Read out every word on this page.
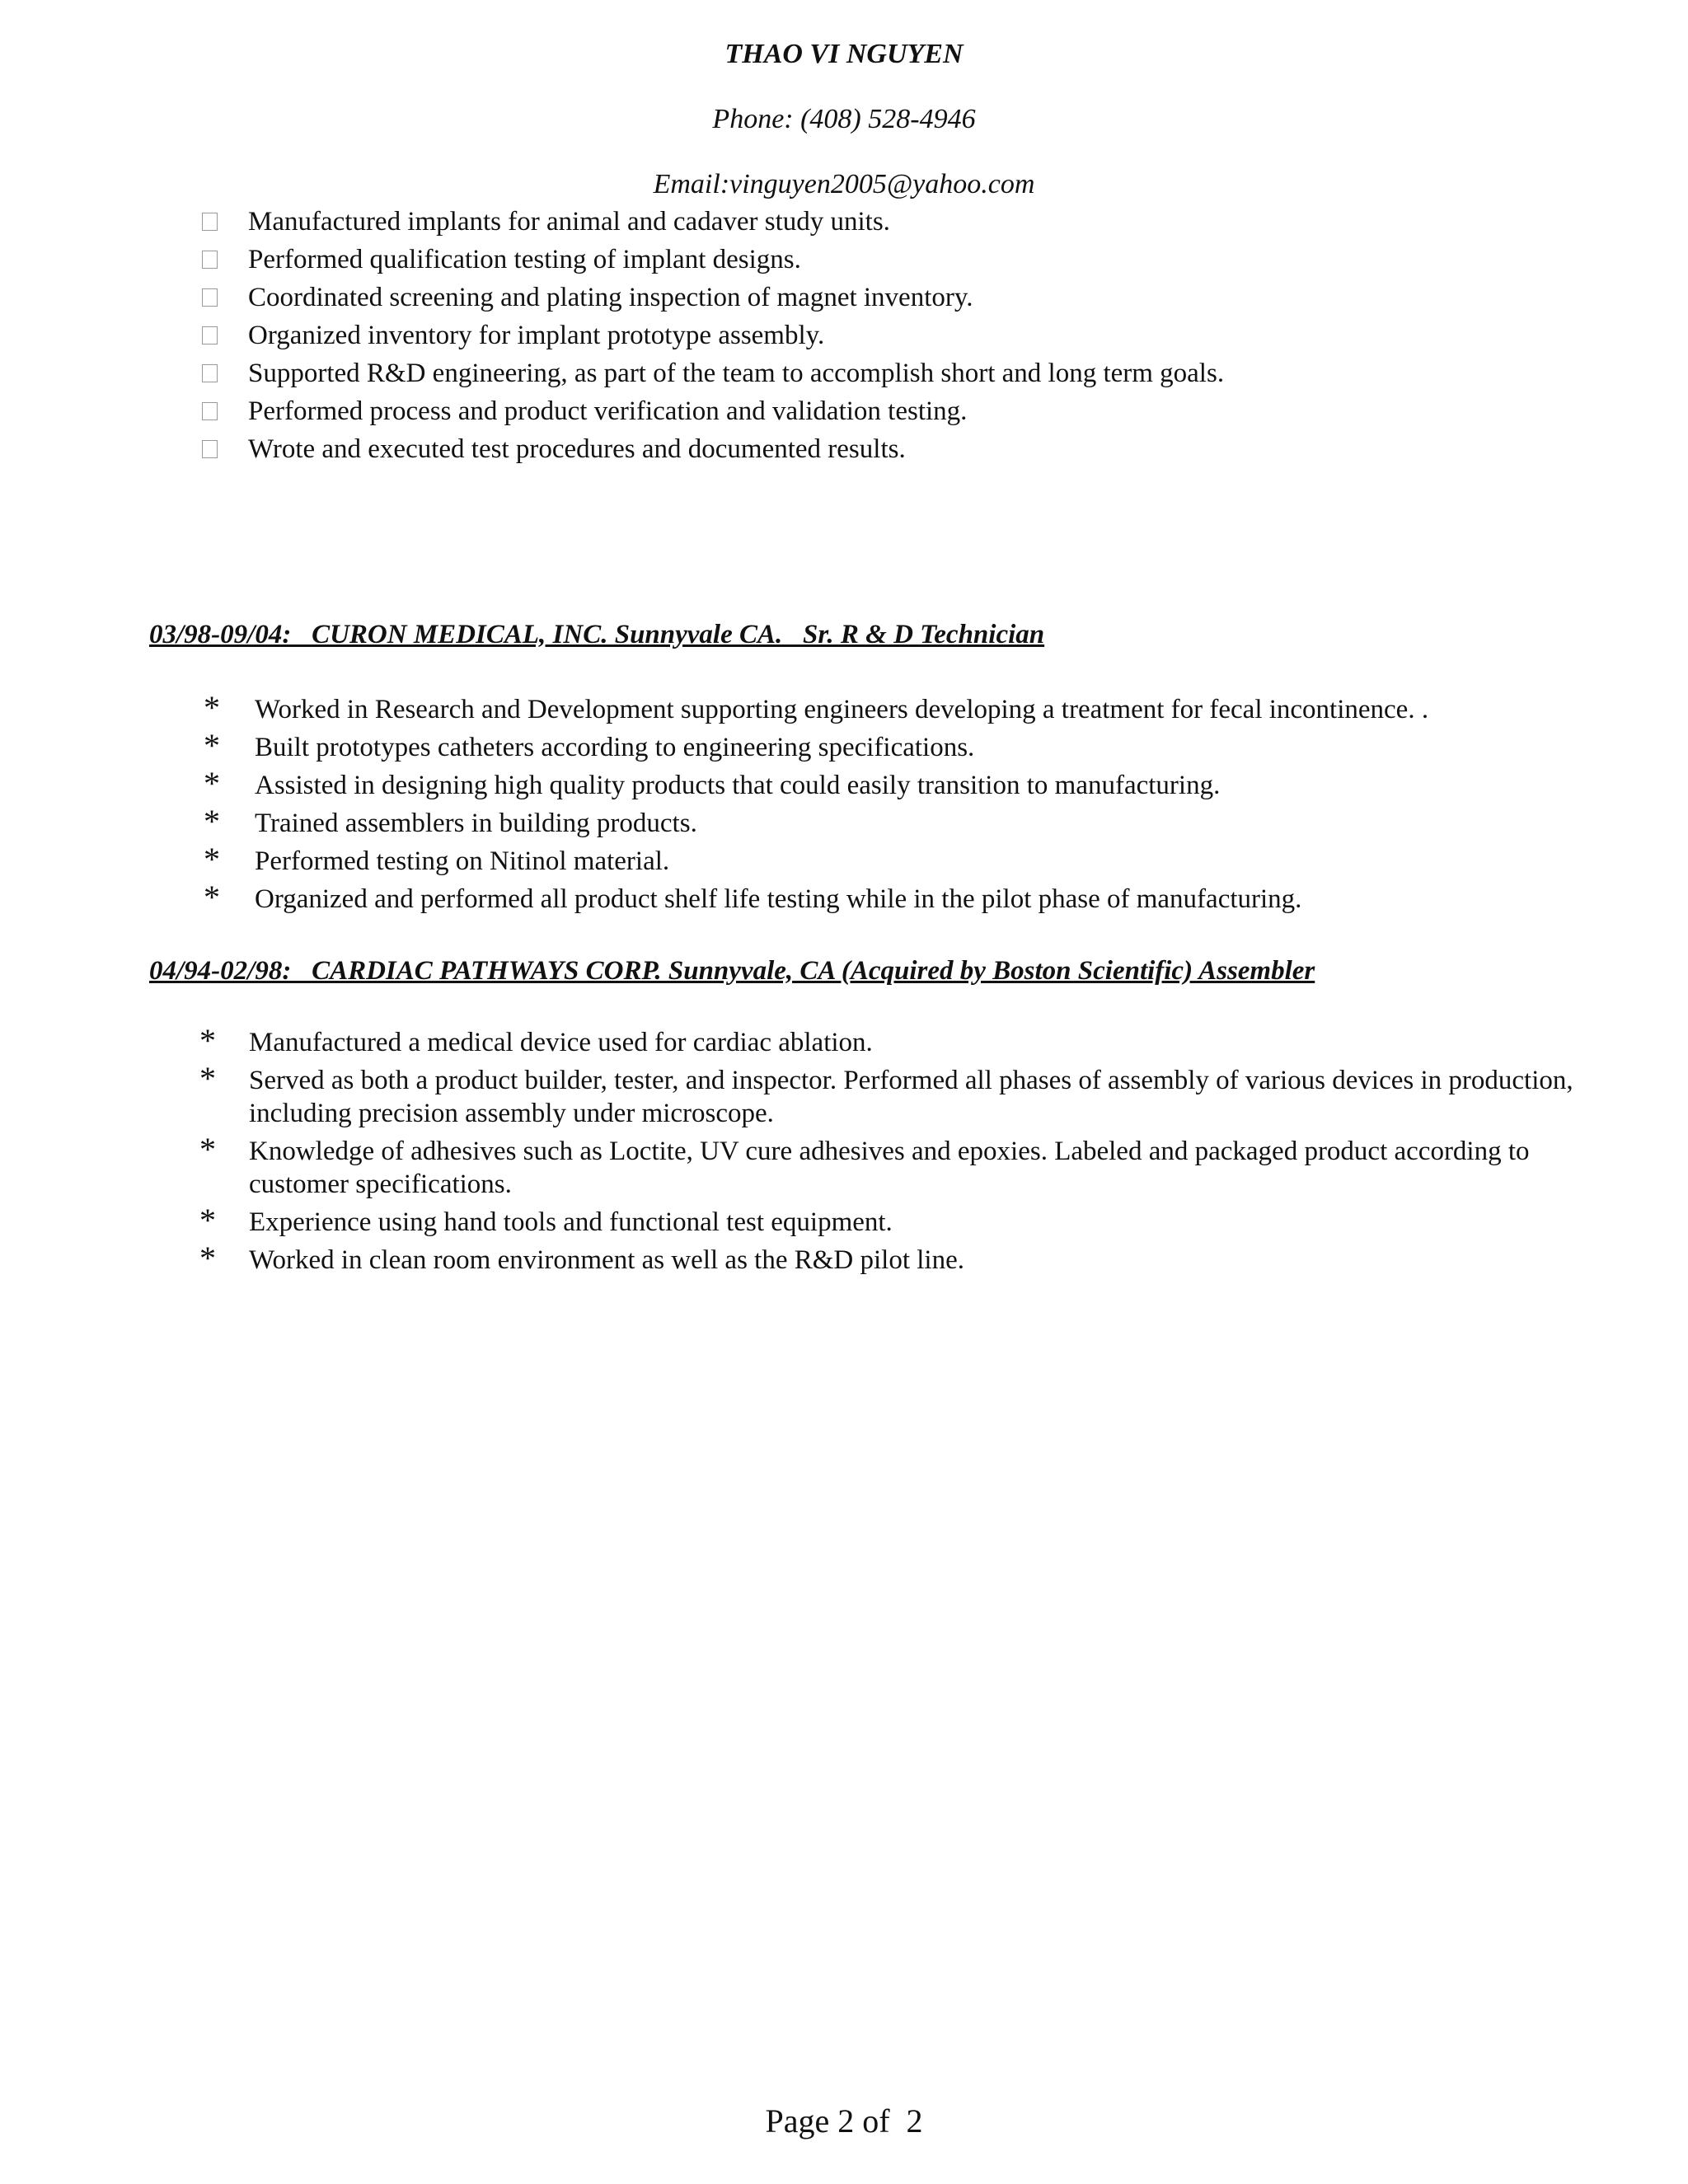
THAO VI NGUYEN
Phone: (408) 528-4946
Email:vinguyen2005@yahoo.com
Manufactured implants for animal and cadaver study units.
Performed qualification testing of implant designs.
Coordinated screening and plating inspection of magnet inventory.
Organized inventory for implant prototype assembly.
Supported R&D engineering, as part of the team to accomplish short and long term goals.
Performed process and product verification and validation testing.
Wrote and executed test procedures and documented results.
03/98-09/04:   CURON MEDICAL, INC. Sunnyvale CA.   Sr. R & D Technician
* Worked in Research and Development supporting engineers developing a treatment for fecal incontinence. .
* Built prototypes catheters according to engineering specifications.
* Assisted in designing high quality products that could easily transition to manufacturing.
* Trained assemblers in building products.
* Performed testing on Nitinol material.
* Organized and performed all product shelf life testing while in the pilot phase of manufacturing.
04/94-02/98:   CARDIAC PATHWAYS CORP. Sunnyvale, CA (Acquired by Boston Scientific) Assembler
* Manufactured a medical device used for cardiac ablation.
* Served as both a product builder, tester, and inspector. Performed all phases of assembly of various devices in production, including precision assembly under microscope.
* Knowledge of adhesives such as Loctite, UV cure adhesives and epoxies. Labeled and packaged product according to customer specifications.
* Experience using hand tools and functional test equipment.
* Worked in clean room environment as well as the R&D pilot line.
Page 2 of  2
